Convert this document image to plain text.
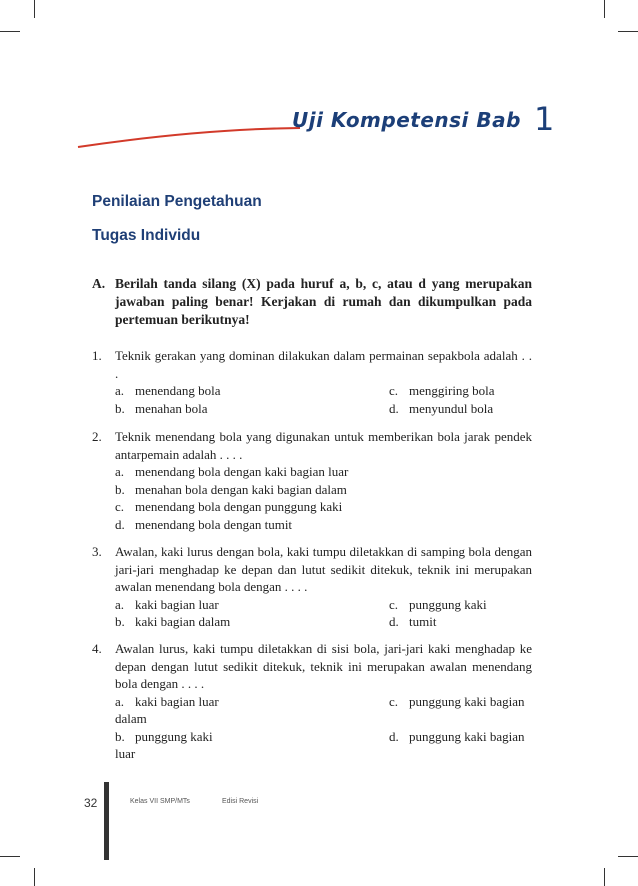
Uji Kompetensi Bab 1
Penilaian Pengetahuan
Tugas Individu
A. Berilah tanda silang (X) pada huruf a, b, c, atau d yang merupakan jawaban paling benar! Kerjakan di rumah dan dikumpulkan pada pertemuan berikutnya!
1. Teknik gerakan yang dominan dilakukan dalam permainan sepakbola adalah . . .
a. menendang bola	c. menggiring bola
b. menahan bola	d. menyundul bola
2. Teknik menendang bola yang digunakan untuk memberikan bola jarak pendek antarpemain adalah . . . .
a. menendang bola dengan kaki bagian luar
b. menahan bola dengan kaki bagian dalam
c. menendang bola dengan punggung kaki
d. menendang bola dengan tumit
3. Awalan, kaki lurus dengan bola, kaki tumpu diletakkan di samping bola dengan jari-jari menghadap ke depan dan lutut sedikit ditekuk, teknik ini merupakan awalan menendang bola dengan . . . .
a. kaki bagian luar	c. punggung kaki
b. kaki bagian dalam	d. tumit
4. Awalan lurus, kaki tumpu diletakkan di sisi bola, jari-jari kaki menghadap ke depan dengan lutut sedikit ditekuk, teknik ini merupakan awalan menendang bola dengan . . . .
a. kaki bagian luar	c. punggung kaki bagian
dalam
b. punggung kaki	d. punggung kaki bagian
luar
32	Kelas VII SMP/MTs	Edisi Revisi
